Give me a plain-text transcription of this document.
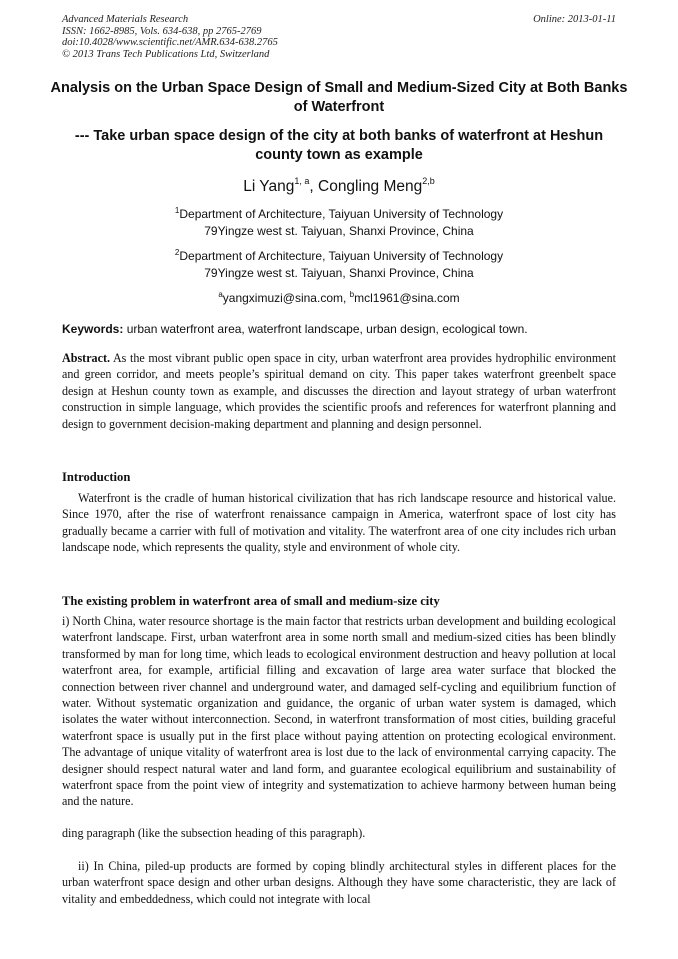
Advanced Materials Research
ISSN: 1662-8985, Vols. 634-638, pp 2765-2769
doi:10.4028/www.scientific.net/AMR.634-638.2765
© 2013 Trans Tech Publications Ltd, Switzerland
Online: 2013-01-11
Analysis on the Urban Space Design of Small and Medium-Sized City at Both Banks of Waterfront
--- Take urban space design of the city at both banks of waterfront at Heshun county town as example
Li Yang$^{1, a}$, Congling Meng$^{2,b}$
$^1$Department of Architecture, Taiyuan University of Technology
79Yingze west st. Taiyuan, Shanxi Province, China
$^2$Department of Architecture, Taiyuan University of Technology
79Yingze west st. Taiyuan, Shanxi Province, China
$^a$yangximuzi@sina.com, $^b$mcl1961@sina.com
Keywords: urban waterfront area, waterfront landscape, urban design, ecological town.
Abstract. As the most vibrant public open space in city, urban waterfront area provides hydrophilic environment and green corridor, and meets people’s spiritual demand on city. This paper takes waterfront greenbelt space design at Heshun county town as example, and discusses the direction and layout strategy of urban waterfront construction in simple language, which provides the scientific proofs and references for waterfront planning and design to government decision-making department and planning and design personnel.
Introduction
Waterfront is the cradle of human historical civilization that has rich landscape resource and historical value. Since 1970, after the rise of waterfront renaissance campaign in America, waterfront space of lost city has gradually became a carrier with full of motivation and vitality. The waterfront area of one city includes rich urban landscape node, which represents the quality, style and environment of whole city.
The existing problem in waterfront area of small and medium-size city
i) North China, water resource shortage is the main factor that restricts urban development and building ecological waterfront landscape. First, urban waterfront area in some north small and medium-sized cities has been blindly transformed by man for long time, which leads to ecological environment destruction and heavy pollution at local waterfront area, for example, artificial filling and excavation of large area water surface that blocked the connection between river channel and underground water, and damaged self-cycling and equilibrium function of water. Without systematic organization and guidance, the organic of urban water system is damaged, which isolates the water without interconnection. Second, in waterfront transformation of most cities, building graceful waterfront space is usually put in the first place without paying attention on protecting ecological environment. The advantage of unique vitality of waterfront area is lost due to the lack of environmental carrying capacity. The designer should respect natural water and land form, and guarantee ecological equilibrium and sustainability of waterfront space from the point view of integrity and systematization to achieve harmony between human being and the nature.
ding paragraph (like the subsection heading of this paragraph).
ii) In China, piled-up products are formed by coping blindly architectural styles in different places for the urban waterfront space design and other urban designs. Although they have some characteristic, they are lack of vitality and embeddedness, which could not integrate with local
